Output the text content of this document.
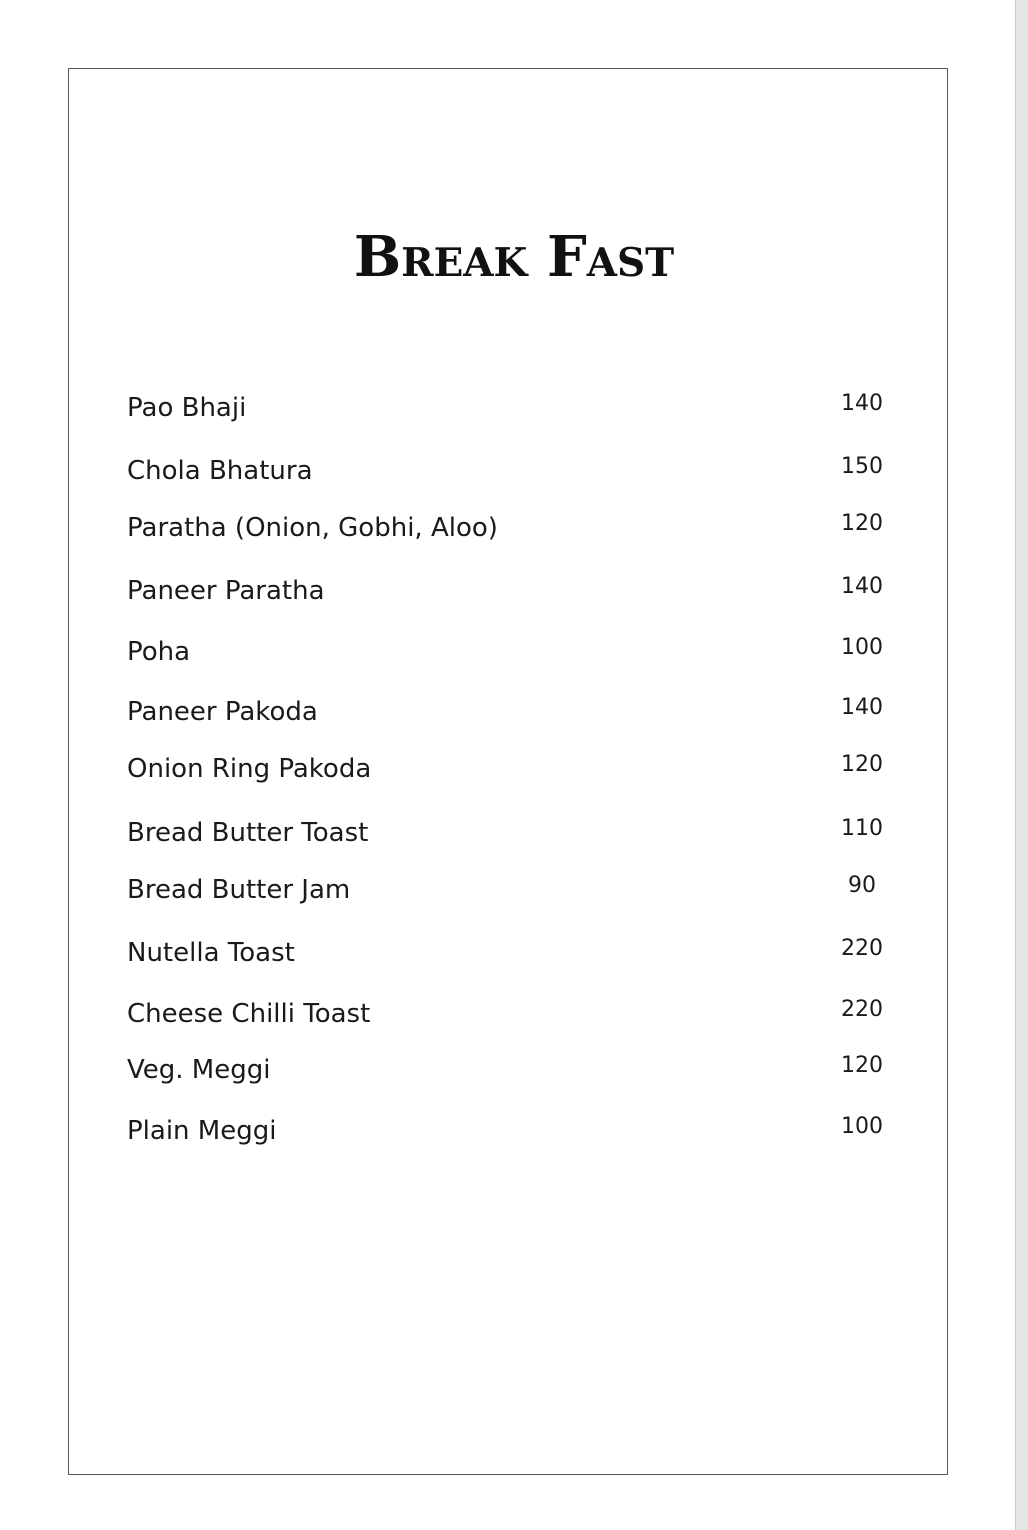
Break Fast
Pao Bhaji	140
Chola Bhatura	150
Paratha (Onion, Gobhi, Aloo)	120
Paneer Paratha	140
Poha	100
Paneer Pakoda	140
Onion Ring Pakoda	120
Bread Butter Toast	110
Bread Butter Jam	90
Nutella Toast	220
Cheese Chilli Toast	220
Veg. Meggi	120
Plain Meggi	100
